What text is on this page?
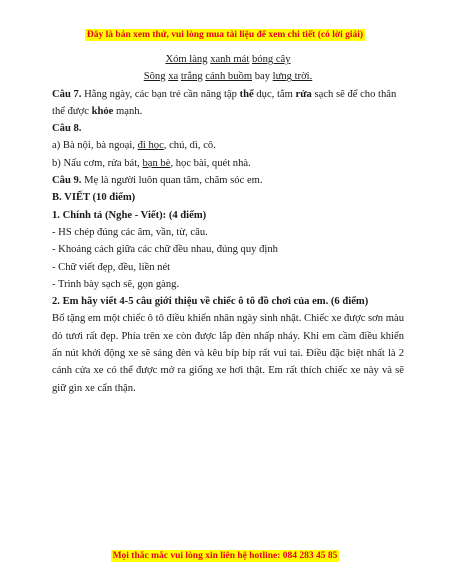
Đây là bản xem thử, vui lòng mua tài liệu để xem chi tiết (có lời giải)

Xóm làng xanh mát bóng cây

Sông xa trắng cánh buồm bay lưng trời.

Câu 7. Hằng ngày, các bạn trẻ cần năng tập thể dục, tắm rửa sạch sẽ để cho thân thể được khỏe mạnh.

Câu 8.

a) Bà nội, bà ngoại, đi học, chú, dì, cô.

b) Nấu cơm, rửa bát, bạn bè, học bài, quét nhà.

Câu 9. Mẹ là người luôn quan tâm, chăm sóc em.

B. VIẾT (10 điểm)

1. Chính tả (Nghe - Viết): (4 điểm)

- HS chép đúng các âm, vần, từ, câu.

- Khoảng cách giữa các chữ đều nhau, đúng quy định

- Chữ viết đẹp, đều, liền nét

- Trình bày sạch sẽ, gọn gàng.

2. Em hãy viết 4-5 câu giới thiệu về chiếc ô tô đồ chơi của em. (6 điểm)

Bố tặng em một chiếc ô tô điều khiển nhân ngày sinh nhật. Chiếc xe được sơn màu đỏ tươi rất đẹp. Phía trên xe còn được lắp đèn nhấp nháy. Khi em cầm điều khiển ấn nút khởi động xe sẽ sáng đèn và kêu bíp bíp rất vui tai. Điều đặc biệt nhất là 2 cánh cửa xe có thể được mở ra giống xe hơi thật. Em rất thích chiếc xe này và sẽ giữ gìn xe cẩn thận.

Mọi thắc mắc vui lòng xin liên hệ hotline: 084 283 45 85
